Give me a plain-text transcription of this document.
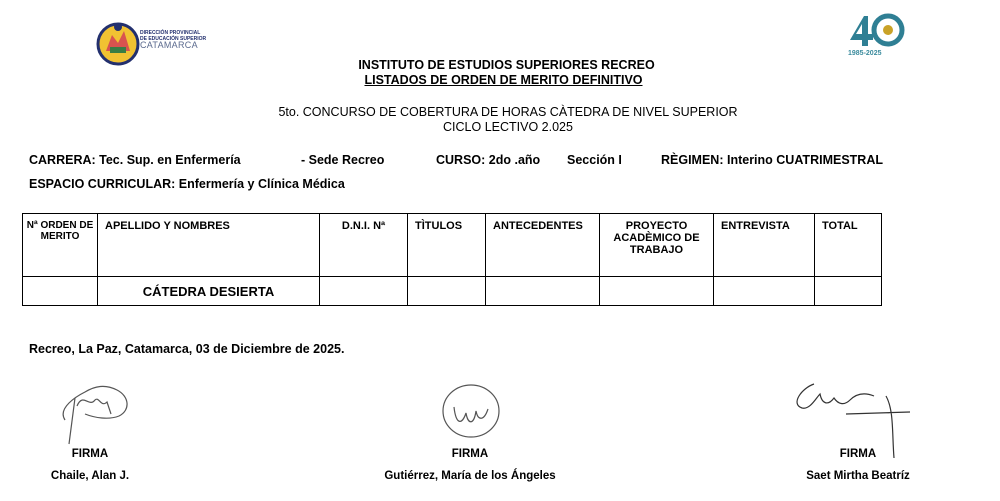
DIRECCIÓN PROVINCIAL
DE EDUCACIÓN SUPERIOR
CATAMARCA
1985-2025
INSTITUTO DE ESTUDIOS SUPERIORES RECREO
LISTADOS DE ORDEN DE MERITO DEFINITIVO
5to. CONCURSO DE COBERTURA DE HORAS CÀTEDRA DE NIVEL SUPERIOR
CICLO LECTIVO 2.025
CARRERA: Tec. Sup. en Enfermería	- Sede Recreo	CURSO: 2do .año Sección I	RÈGIMEN: Interino CUATRIMESTRAL
ESPACIO CURRICULAR: Enfermería y Clínica Médica
Nª ORDEN DE MERITO	APELLIDO Y NOMBRES	D.N.I. Nª	TÌTULOS	ANTECEDENTES	PROYECTO ACADÈMICO DE TRABAJO	ENTREVISTA	TOTAL
	CÁTEDRA DESIERTA						
Recreo, La Paz, Catamarca, 03 de Diciembre de 2025.
FIRMA
Chaile, Alan J.
FIRMA
Gutiérrez, María de los Ángeles
FIRMA
Saet Mirtha Beatríz
